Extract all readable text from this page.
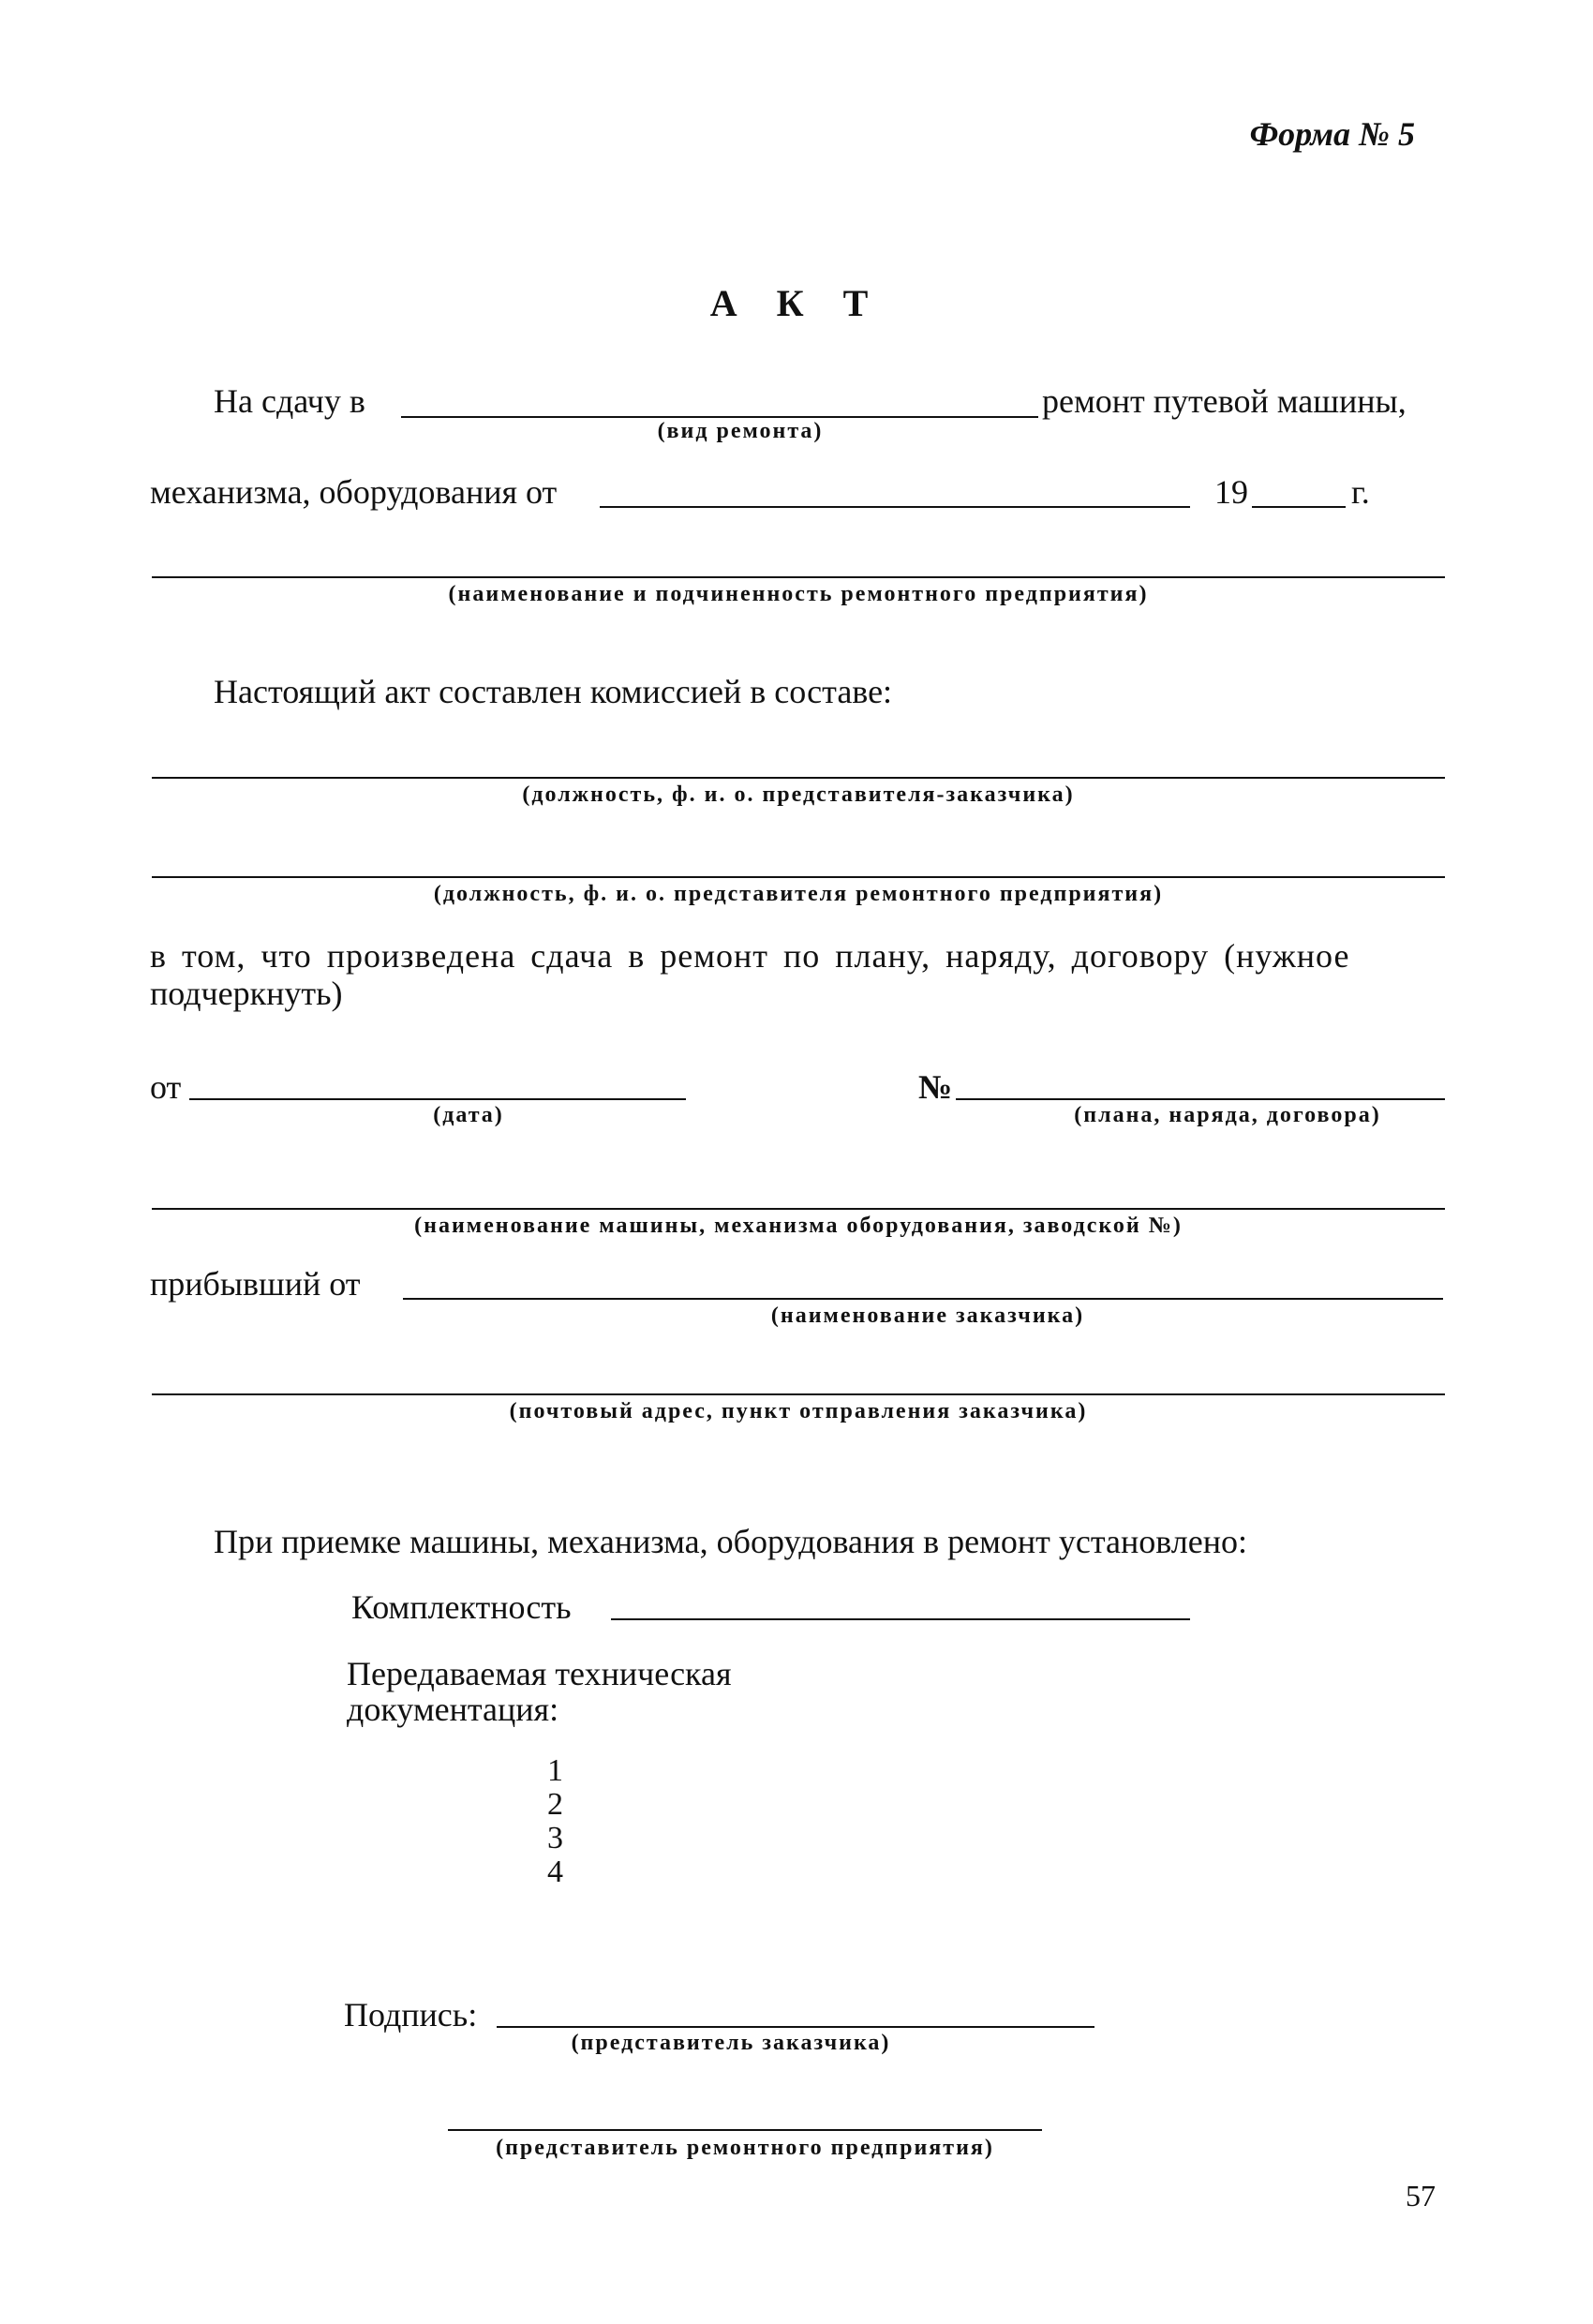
Форма № 5
А К Т
На сдачу в	ремонт путевой машины,
(вид ремонта)
механизма, оборудования от	19	г.
(наименование и подчиненность ремонтного предприятия)
Настоящий акт составлен комиссией в составе:
(должность, ф. и. о. представителя-заказчика)
(должность, ф. и. о. представителя ремонтного предприятия)
в том, что произведена сдача в ремонт по плану, наряду, договору (нужное
подчеркнуть)
от
(дата)
№
(плана, наряда, договора)
(наименование машины, механизма оборудования, заводской №)
прибывший от
(наименование заказчика)
(почтовый адрес, пункт отправления заказчика)
При приемке машины, механизма, оборудования в ремонт установлено:
Комплектность
Передаваемая техническая
документация:
1
2
3
4
Подпись:
(представитель заказчика)
(представитель ремонтного предприятия)
57
